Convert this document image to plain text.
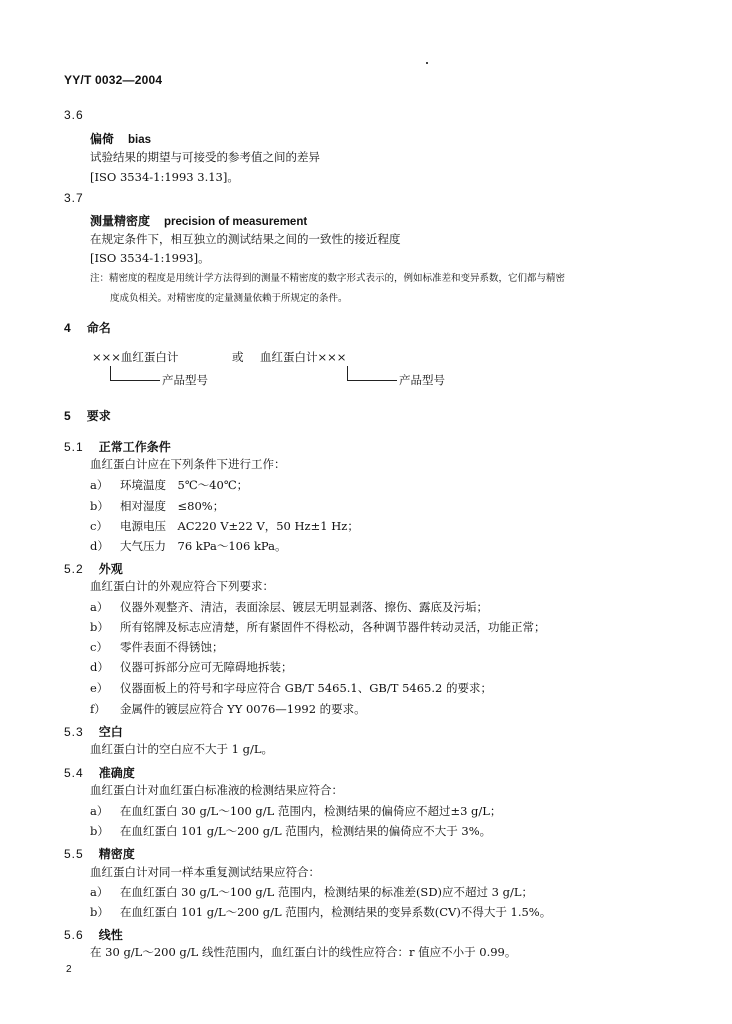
YY/T 0032—2004
3.6
偏倚 bias
试验结果的期望与可接受的参考值之间的差异
[ISO 3534-1:1993 3.13]。
3.7
测量精密度 precision of measurement
在规定条件下，相互独立的测试结果之间的一致性的接近程度
[ISO 3534-1:1993]。
注：精密度的程度是用统计学方法得到的测量不精密度的数字形式表示的，例如标准差和变异系数，它们都与精密
度成负相关。对精密度的定量测量依赖于所规定的条件。
4 命名
×××血红蛋白计	或 血红蛋白计×××
产品型号	产品型号
5 要求
5.1 正常工作条件
血红蛋白计应在下列条件下进行工作：
a） 环境温度　5℃～40℃；
b） 相对湿度　≤80%；
c） 电源电压　AC220 V±22 V，50 Hz±1 Hz；
d） 大气压力　76 kPa～106 kPa。
5.2 外观
血红蛋白计的外观应符合下列要求：
a） 仪器外观整齐、清洁，表面涂层、镀层无明显剥落、擦伤、露底及污垢；
b） 所有铭牌及标志应清楚，所有紧固件不得松动，各种调节器件转动灵活，功能正常；
c） 零件表面不得锈蚀；
d） 仪器可拆部分应可无障碍地拆装；
e） 仪器面板上的符号和字母应符合 GB/T 5465.1、GB/T 5465.2 的要求；
f） 金属件的镀层应符合 YY 0076—1992 的要求。
5.3 空白
血红蛋白计的空白应不大于 1 g/L。
5.4 准确度
血红蛋白计对血红蛋白标准液的检测结果应符合：
a） 在血红蛋白 30 g/L～100 g/L 范围内，检测结果的偏倚应不超过±3 g/L；
b） 在血红蛋白 101 g/L～200 g/L 范围内，检测结果的偏倚应不大于 3%。
5.5 精密度
血红蛋白计对同一样本重复测试结果应符合：
a） 在血红蛋白 30 g/L～100 g/L 范围内，检测结果的标准差(SD)应不超过 3 g/L；
b） 在血红蛋白 101 g/L～200 g/L 范围内，检测结果的变异系数(CV)不得大于 1.5%。
5.6 线性
在 30 g/L～200 g/L 线性范围内，血红蛋白计的线性应符合：r 值应不小于 0.99。
2
